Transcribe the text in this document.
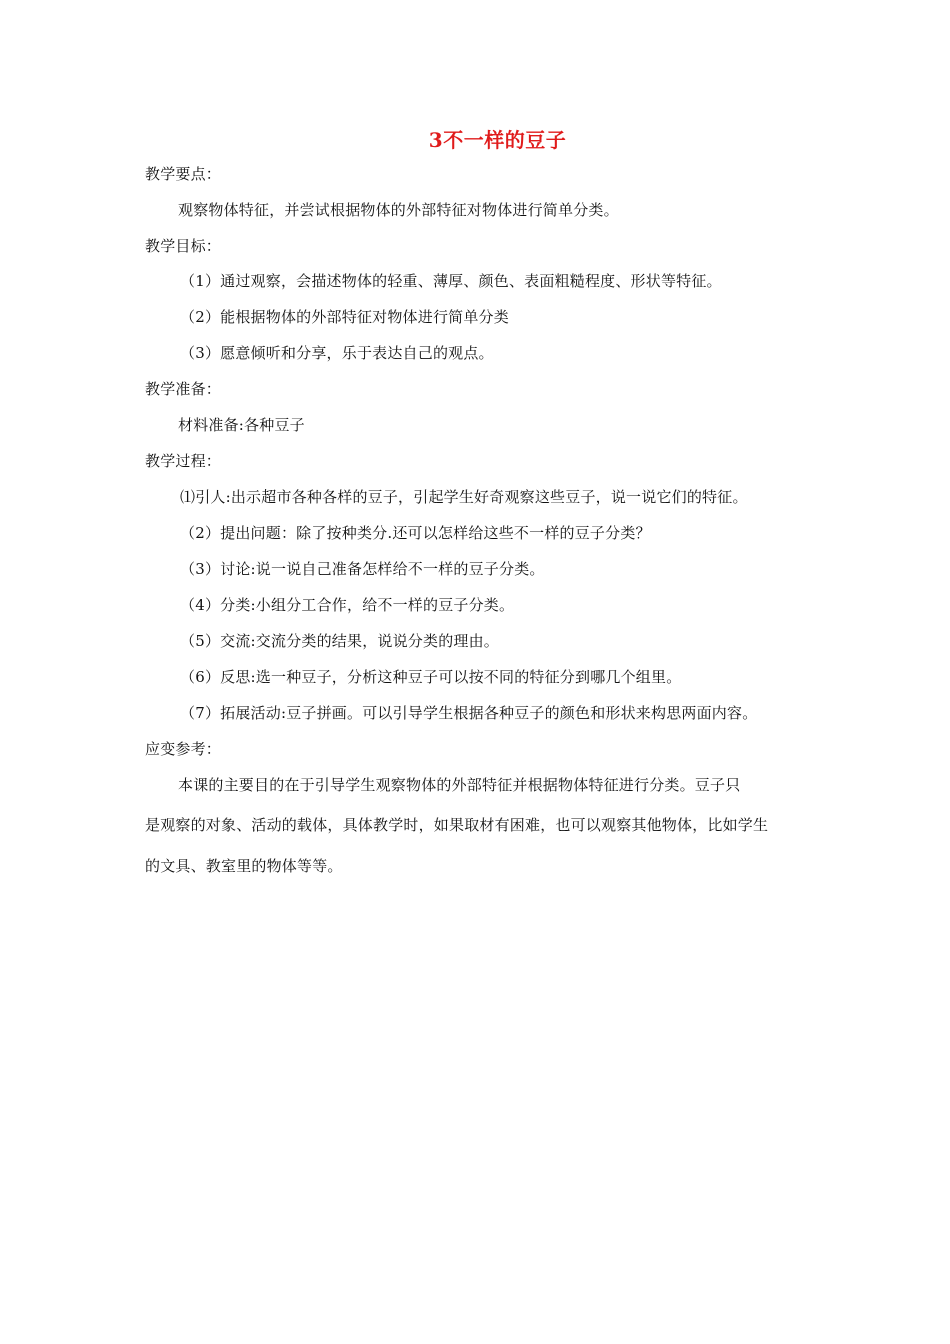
3不一样的豆子
教学要点：
观察物体特征，并尝试根据物体的外部特征对物体进行简单分类。
教学目标：
（1）通过观察，会描述物体的轻重、薄厚、颜色、表面粗糙程度、形状等特征。
（2）能根据物体的外部特征对物体进行简单分类
（3）愿意倾听和分享，乐于表达自己的观点。
教学准备：
材料准备:各种豆子
教学过程：
⑴引人:出示超市各种各样的豆子，引起学生好奇观察这些豆子，说一说它们的特征。
（2）提出问题：除了按种类分.还可以怎样给这些不一样的豆子分类？
（3）讨论:说一说自己准备怎样给不一样的豆子分类。
（4）分类:小组分工合作，给不一样的豆子分类。
（5）交流:交流分类的结果，说说分类的理由。
（6）反思:选一种豆子，分析这种豆子可以按不同的特征分到哪几个组里。
（7）拓展活动:豆子拼画。可以引导学生根据各种豆子的颜色和形状来构思两面内容。
应变参考：
本课的主要目的在于引导学生观察物体的外部特征并根据物体特征进行分类。豆子只
是观察的对象、活动的载体，具体教学时，如果取材有困难，也可以观察其他物体，比如学生
的文具、教室里的物体等等。
